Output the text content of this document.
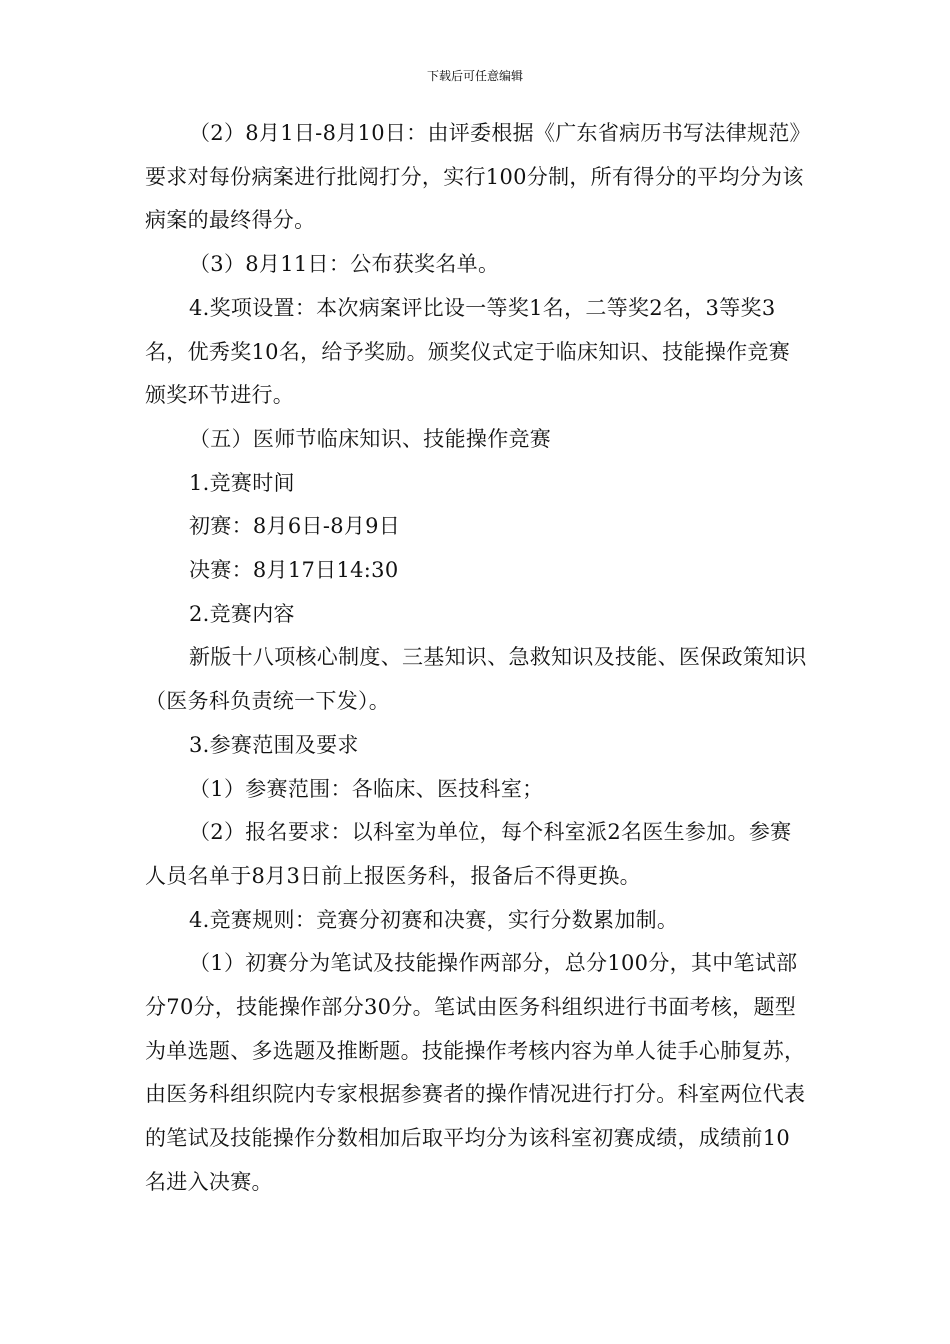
下载后可任意编辑

（2）8月1日-8月10日：由评委根据《广东省病历书写法律规范》要求对每份病案进行批阅打分，实行100分制，所有得分的平均分为该病案的最终得分。

（3）8月11日：公布获奖名单。

4.奖项设置：本次病案评比设一等奖1名，二等奖2名，3等奖3名，优秀奖10名，给予奖励。颁奖仪式定于临床知识、技能操作竞赛颁奖环节进行。

（五）医师节临床知识、技能操作竞赛

1.竞赛时间

初赛：8月6日-8月9日

决赛：8月17日14:30

2.竞赛内容

新版十八项核心制度、三基知识、急救知识及技能、医保政策知识（医务科负责统一下发）。

3.参赛范围及要求

（1）参赛范围：各临床、医技科室；

（2）报名要求：以科室为单位，每个科室派2名医生参加。参赛人员名单于8月3日前上报医务科，报备后不得更换。

4.竞赛规则：竞赛分初赛和决赛，实行分数累加制。

（1）初赛分为笔试及技能操作两部分，总分100分，其中笔试部分70分，技能操作部分30分。笔试由医务科组织进行书面考核，题型为单选题、多选题及推断题。技能操作考核内容为单人徒手心肺复苏，由医务科组织院内专家根据参赛者的操作情况进行打分。科室两位代表的笔试及技能操作分数相加后取平均分为该科室初赛成绩，成绩前10名进入决赛。
